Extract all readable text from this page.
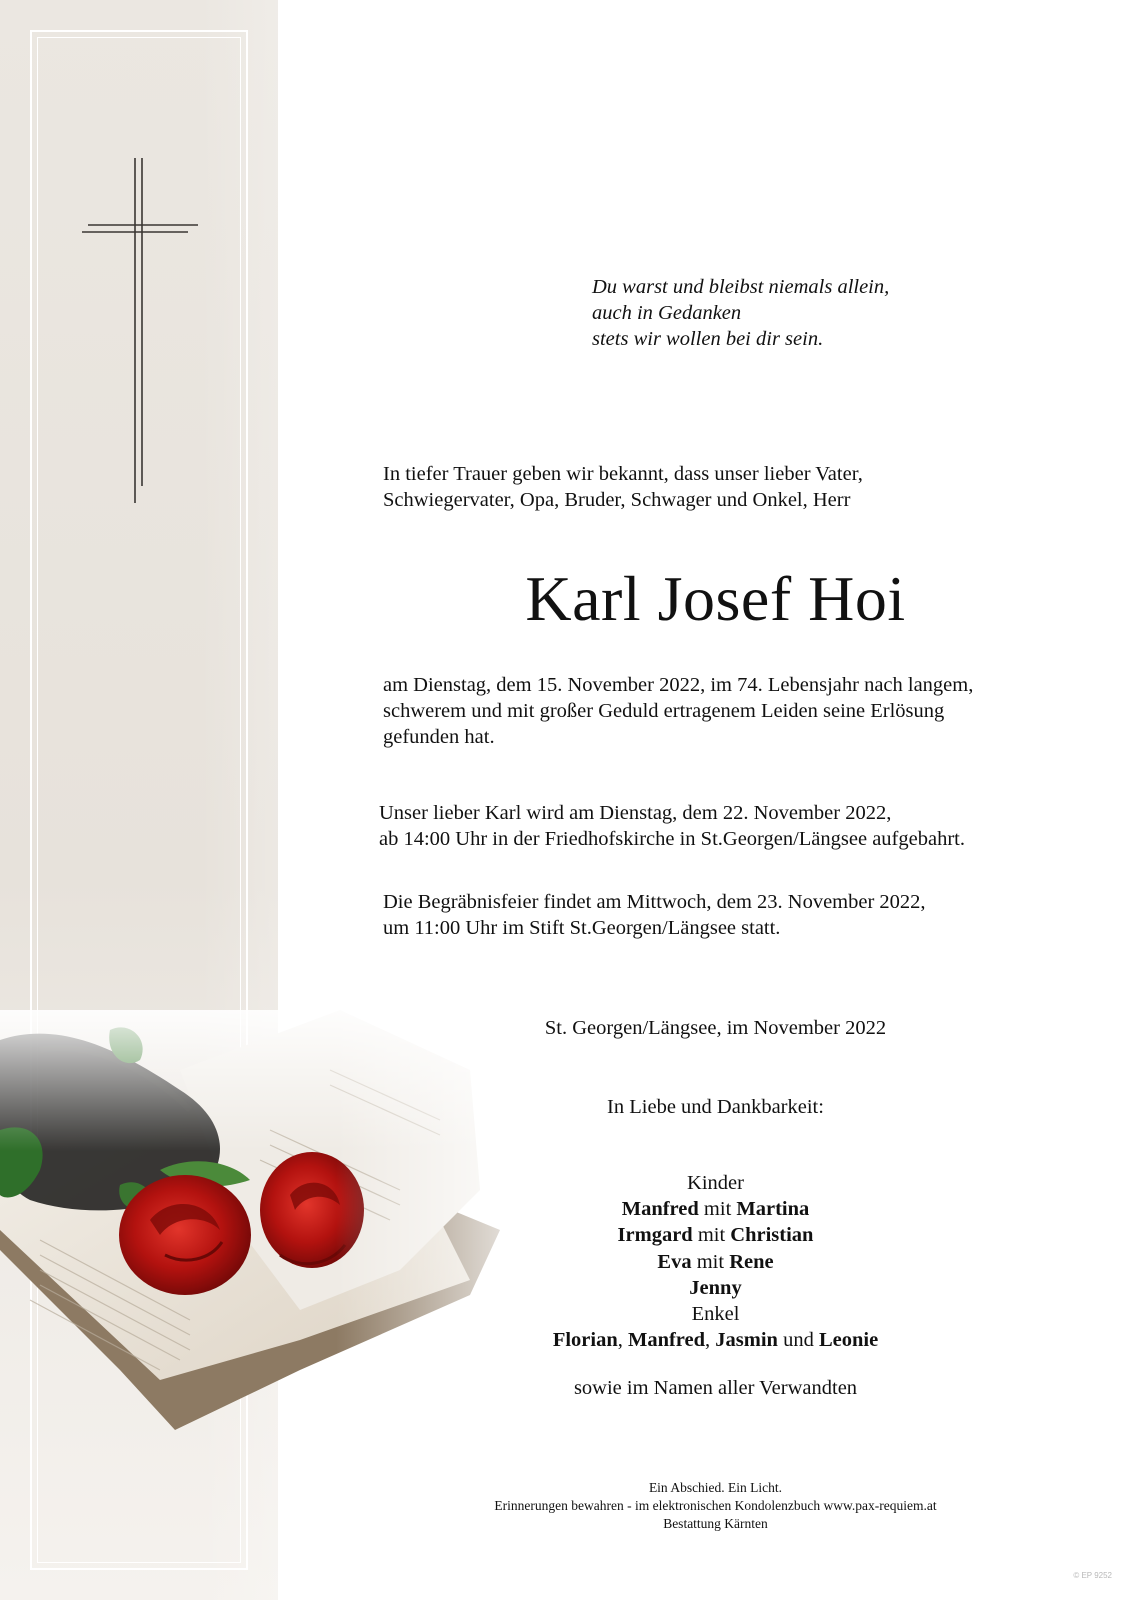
Du warst und bleibst niemals allein,
auch in Gedanken
stets wir wollen bei dir sein.
In tiefer Trauer geben wir bekannt, dass unser lieber Vater,
Schwiegervater, Opa, Bruder, Schwager und Onkel, Herr
Karl Josef Hoi
am Dienstag, dem 15. November 2022, im 74. Lebensjahr nach langem,
schwerem und mit großer Geduld ertragenem Leiden seine Erlösung
gefunden hat.
Unser lieber Karl wird am Dienstag, dem 22. November 2022,
ab 14:00 Uhr in der Friedhofskirche in St.Georgen/Längsee aufgebahrt.
Die Begräbnisfeier findet am Mittwoch, dem 23. November 2022,
um 11:00 Uhr im Stift St.Georgen/Längsee statt.
St. Georgen/Längsee, im November 2022
In Liebe und Dankbarkeit:
Kinder
Manfred mit Martina
Irmgard mit Christian
Eva mit Rene
Jenny
Enkel
Florian, Manfred, Jasmin und Leonie
sowie im Namen aller Verwandten
Ein Abschied. Ein Licht.
Erinnerungen bewahren - im elektronischen Kondolenzbuch www.pax-requiem.at
Bestattung Kärnten
© EP 9252
